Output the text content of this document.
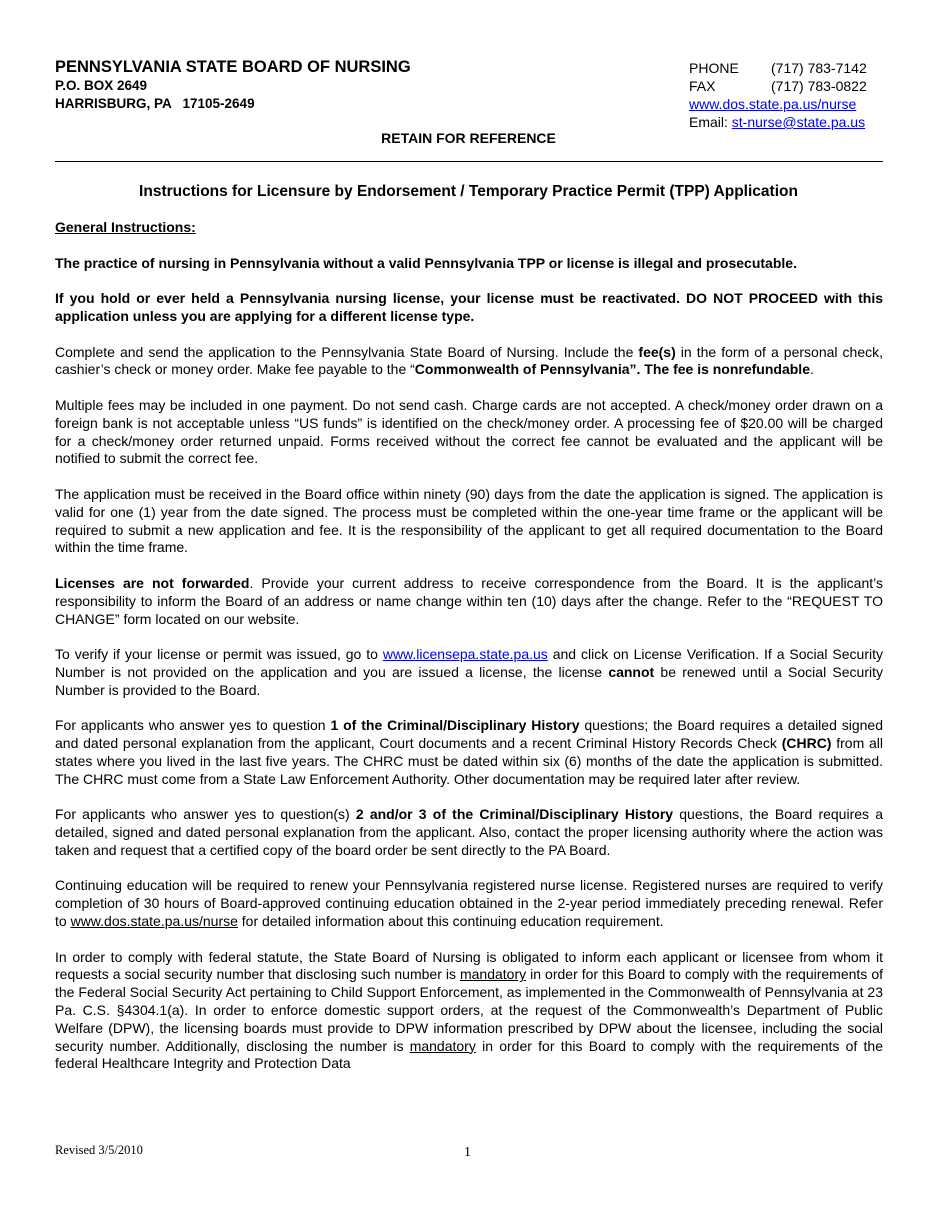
PENNSYLVANIA STATE BOARD OF NURSING
P.O. BOX 2649
HARRISBURG, PA   17105-2649
PHONE (717) 783-7142
FAX	(717) 783-0822
www.dos.state.pa.us/nurse
Email: st-nurse@state.pa.us
RETAIN FOR REFERENCE
Instructions for Licensure by Endorsement / Temporary Practice Permit (TPP) Application

General Instructions:

The practice of nursing in Pennsylvania without a valid Pennsylvania TPP or license is illegal and prosecutable.

If you hold or ever held a Pennsylvania nursing license, your license must be reactivated. DO NOT PROCEED with this application unless you are applying for a different license type.

Complete and send the application to the Pennsylvania State Board of Nursing. Include the fee(s) in the form of a personal check, cashier’s check or money order. Make fee payable to the “Commonwealth of Pennsylvania”. The fee is nonrefundable.

Multiple fees may be included in one payment. Do not send cash. Charge cards are not accepted. A check/money order drawn on a foreign bank is not acceptable unless “US funds” is identified on the check/money order. A processing fee of $20.00 will be charged for a check/money order returned unpaid. Forms received without the correct fee cannot be evaluated and the applicant will be notified to submit the correct fee.

The application must be received in the Board office within ninety (90) days from the date the application is signed. The application is valid for one (1) year from the date signed. The process must be completed within the one-year time frame or the applicant will be required to submit a new application and fee. It is the responsibility of the applicant to get all required documentation to the Board within the time frame.

Licenses are not forwarded. Provide your current address to receive correspondence from the Board. It is the applicant’s responsibility to inform the Board of an address or name change within ten (10) days after the change. Refer to the “REQUEST TO CHANGE” form located on our website.

To verify if your license or permit was issued, go to www.licensepa.state.pa.us and click on License Verification. If a Social Security Number is not provided on the application and you are issued a license, the license cannot be renewed until a Social Security Number is provided to the Board.

For applicants who answer yes to question 1 of the Criminal/Disciplinary History questions; the Board requires a detailed signed and dated personal explanation from the applicant, Court documents and a recent Criminal History Records Check (CHRC) from all states where you lived in the last five years. The CHRC must be dated within six (6) months of the date the application is submitted. The CHRC must come from a State Law Enforcement Authority. Other documentation may be required later after review.

For applicants who answer yes to question(s) 2 and/or 3 of the Criminal/Disciplinary History questions, the Board requires a detailed, signed and dated personal explanation from the applicant. Also, contact the proper licensing authority where the action was taken and request that a certified copy of the board order be sent directly to the PA Board.

Continuing education will be required to renew your Pennsylvania registered nurse license. Registered nurses are required to verify completion of 30 hours of Board-approved continuing education obtained in the 2-year period immediately preceding renewal. Refer to www.dos.state.pa.us/nurse for detailed information about this continuing education requirement.

In order to comply with federal statute, the State Board of Nursing is obligated to inform each applicant or licensee from whom it requests a social security number that disclosing such number is mandatory in order for this Board to comply with the requirements of the Federal Social Security Act pertaining to Child Support Enforcement, as implemented in the Commonwealth of Pennsylvania at 23 Pa. C.S. §4304.1(a). In order to enforce domestic support orders, at the request of the Commonwealth’s Department of Public Welfare (DPW), the licensing boards must provide to DPW information prescribed by DPW about the licensee, including the social security number. Additionally, disclosing the number is mandatory in order for this Board to comply with the requirements of the federal Healthcare Integrity and Protection Data

Revised 3/5/2010	1
